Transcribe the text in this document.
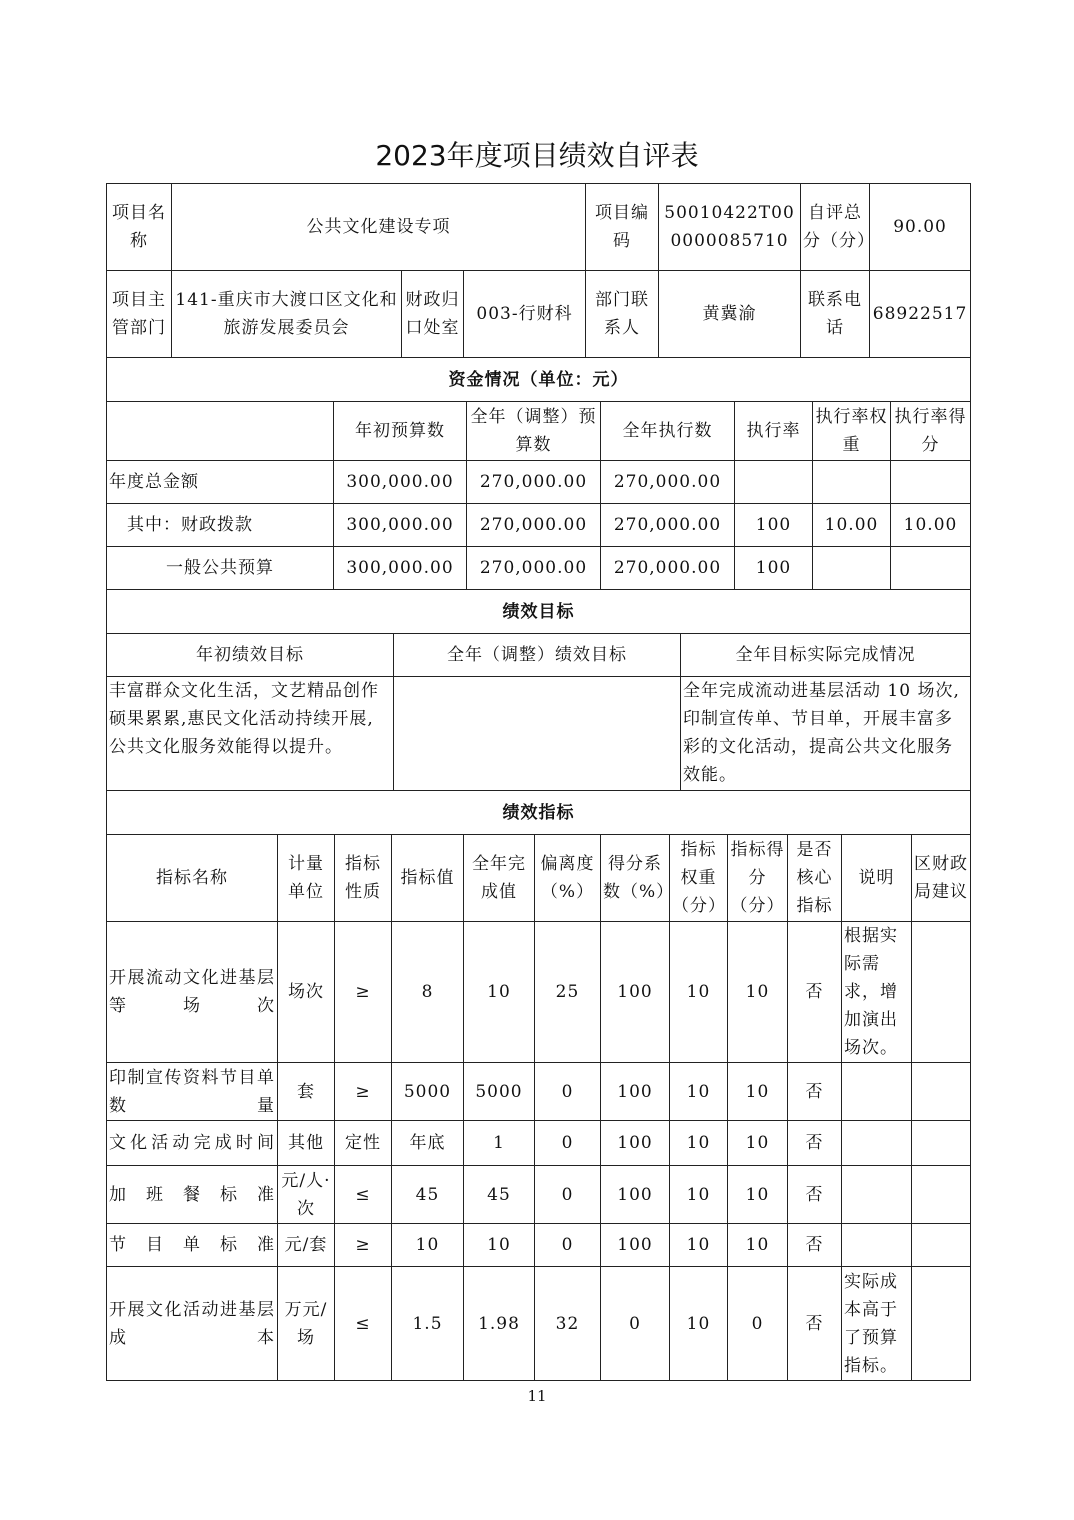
2023年度项目绩效自评表
项目名称	公共文化建设专项			项目编码	50010422T000000085710	自评总分（分）	90.00
项目主管部门	141-重庆市大渡口区文化和旅游发展委员会	财政归口处室	003-行财科	部门联系人	黄冀渝	联系电话	68922517
资金情况（单位：元）
	年初预算数	全年（调整）预算数	全年执行数	执行率	执行率权重	执行率得分
年度总金额	300,000.00	270,000.00	270,000.00			
其中：财政拨款	300,000.00	270,000.00	270,000.00	100	10.00	10.00
一般公共预算	300,000.00	270,000.00	270,000.00	100		
绩效目标
年初绩效目标	全年（调整）绩效目标	全年目标实际完成情况
丰富群众文化生活，文艺精品创作硕果累累,惠民文化活动持续开展,公共文化服务效能得以提升。		全年完成流动进基层活动 10 场次,印制宣传单、节目单，开展丰富多彩的文化活动，提高公共文化服务效能。
绩效指标
指标名称	计量单位	指标性质	指标值	全年完成值	偏离度（%）	得分系数（%）	指标权重（分）	指标得分（分）	是否核心指标	说明	区财政局建议
开展流动文化进基层等场次	场次	≥	8	10	25	100	10	10	否	根据实际需求，增加演出场次。	
印制宣传资料节目单数量	套	≥	5000	5000	0	100	10	10	否		
文化活动完成时间	其他	定性	年底	1	0	100	10	10	否		
加班餐标准	元/人·次	≤	45	45	0	100	10	10	否		
节目单标准	元/套	≥	10	10	0	100	10	10	否		
开展文化活动进基层成本	万元/场	≤	1.5	1.98	32	0	10	0	否	实际成本高于了预算指标。	
11
